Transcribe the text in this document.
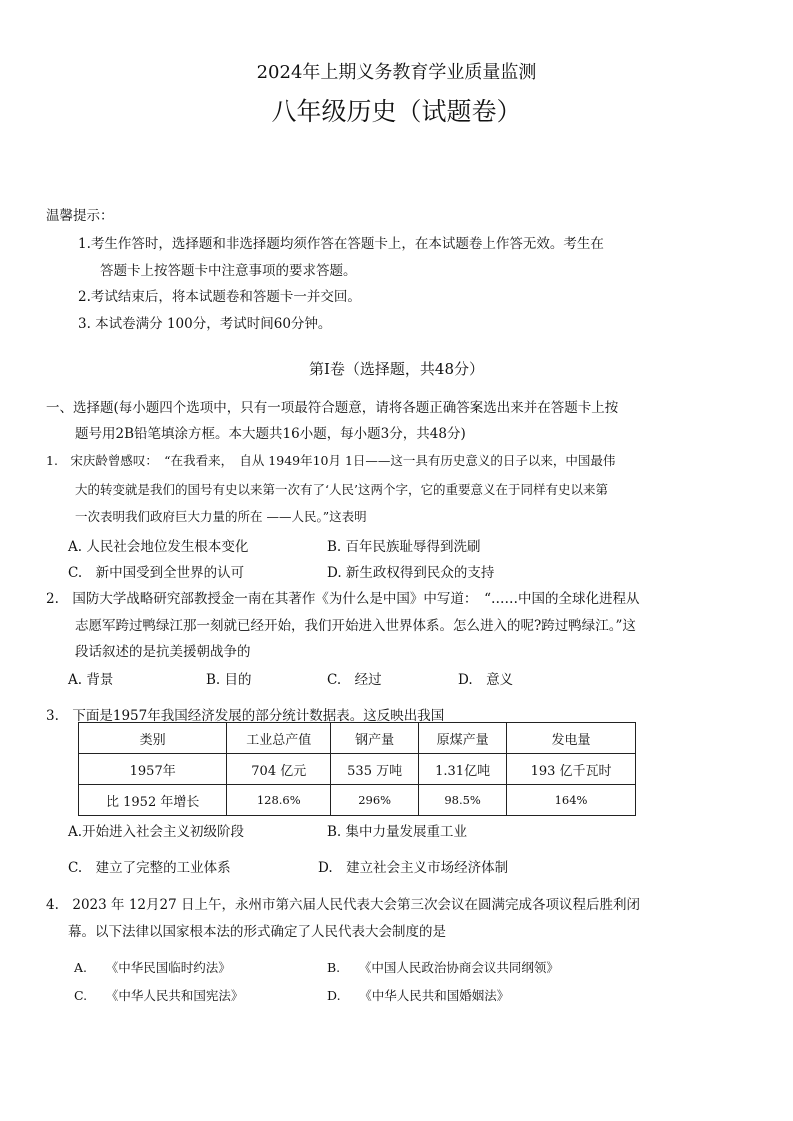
2024年上期义务教育学业质量监测
八年级历史（试题卷）
温馨提示：
1.考生作答时，选择题和非选择题均须作答在答题卡上，在本试题卷上作答无效。考生在
答题卡上按答题卡中注意事项的要求答题。
2.考试结束后，将本试题卷和答题卡一并交回。
3. 本试卷满分 100分，考试时间60分钟。
第Ⅰ卷（选择题，共48分）
一、选择题(每小题四个选项中，只有一项最符合题意，请将各题正确答案选出来并在答题卡上按
题号用2B铅笔填涂方框。本大题共16小题，每小题3分，共48分)
1.　宋庆龄曾感叹：　“在我看来，　自从 1949年10月 1日——这一具有历史意义的日子以来，中国最伟
大的转变就是我们的国号有史以来第一次有了‘人民’这两个字，它的重要意义在于同样有史以来第
一次表明我们政府巨大力量的所在 ——人民。”这表明
A. 人民社会地位发生根本变化	B. 百年民族耻辱得到洗刷
C.　新中国受到全世界的认可	D. 新生政权得到民众的支持
2.　国防大学战略研究部教授金一南在其著作《为什么是中国》中写道：　“……中国的全球化进程从
志愿军跨过鸭绿江那一刻就已经开始，我们开始进入世界体系。怎么进入的呢?跨过鸭绿江。”这
段话叙述的是抗美援朝战争的
A. 背景	B. 目的	C.　经过	D.　意义
3.　下面是1957年我国经济发展的部分统计数据表。这反映出我国
类别	工业总产值	钢产量	原煤产量	发电量
1957年	704 亿元	535 万吨	1.31亿吨	193 亿千瓦时
比 1952 年增长	128.6%	296%	98.5%	164%
A.开始进入社会主义初级阶段	B. 集中力量发展重工业
C.　建立了完整的工业体系	D.　建立社会主义市场经济体制
4.　2023 年 12月27 日上午，永州市第六届人民代表大会第三次会议在圆满完成各项议程后胜利闭
幕。以下法律以国家根本法的形式确定了人民代表大会制度的是
A.　　《中华民国临时约法》	B.　　《中国人民政治协商会议共同纲领》
C.　　《中华人民共和国宪法》	D.　　《中华人民共和国婚姻法》
